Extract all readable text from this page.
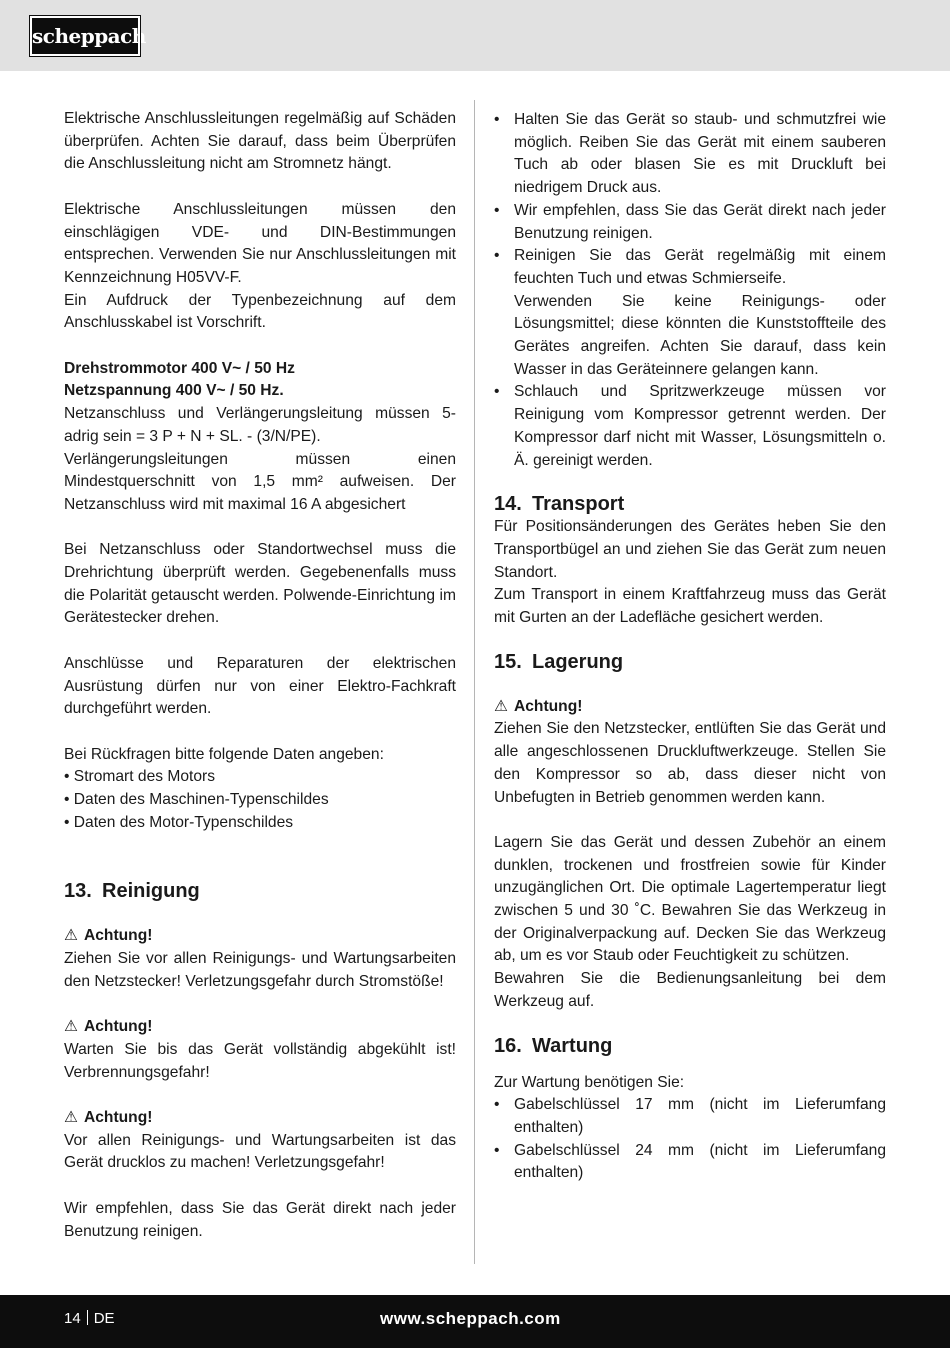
scheppach

Elektrische Anschlussleitungen regelmäßig auf Schäden überprüfen. Achten Sie darauf, dass beim Überprüfen die Anschlussleitung nicht am Stromnetz hängt.

Elektrische Anschlussleitungen müssen den einschlägigen VDE- und DIN-Bestimmungen entsprechen. Verwenden Sie nur Anschlussleitungen mit Kennzeichnung H05VV-F.

Ein Aufdruck der Typenbezeichnung auf dem Anschlusskabel ist Vorschrift.

Drehstrommotor 400 V~ / 50 Hz

Netzspannung 400 V~ / 50 Hz.

Netzanschluss und Verlängerungsleitung müssen 5-adrig sein = 3 P + N + SL. - (3/N/PE).

Verlängerungsleitungen müssen einen Mindestquerschnitt von 1,5 mm² aufweisen. Der Netzanschluss wird mit maximal 16 A abgesichert

Bei Netzanschluss oder Standortwechsel muss die Drehrichtung überprüft werden. Gegebenenfalls muss die Polarität getauscht werden. Polwende-Einrichtung im Gerätestecker drehen.

Anschlüsse und Reparaturen der elektrischen Ausrüstung dürfen nur von einer Elektro-Fachkraft durchgeführt werden.

Bei Rückfragen bitte folgende Daten angeben:

• Stromart des Motors
• Daten des Maschinen-Typenschildes
• Daten des Motor-Typenschildes
13. Reinigung

⚠ Achtung!

Ziehen Sie vor allen Reinigungs- und Wartungsarbeiten den Netzstecker! Verletzungsgefahr durch Stromstöße!

⚠ Achtung!

Warten Sie bis das Gerät vollständig abgekühlt ist! Verbrennungsgefahr!

⚠ Achtung!

Vor allen Reinigungs- und Wartungsarbeiten ist das Gerät drucklos zu machen! Verletzungsgefahr!

Wir empfehlen, dass Sie das Gerät direkt nach jeder Benutzung reinigen.

• Halten Sie das Gerät so staub- und schmutzfrei wie möglich. Reiben Sie das Gerät mit einem sauberen Tuch ab oder blasen Sie es mit Druckluft bei niedrigem Druck aus.
• Wir empfehlen, dass Sie das Gerät direkt nach jeder Benutzung reinigen.
• Reinigen Sie das Gerät regelmäßig mit einem feuchten Tuch und etwas Schmierseife.

Verwenden Sie keine Reinigungs- oder Lösungsmittel; diese könnten die Kunststoffteile des Gerätes angreifen. Achten Sie darauf, dass kein Wasser in das Geräteinnere gelangen kann.

• Schlauch und Spritzwerkzeuge müssen vor Reinigung vom Kompressor getrennt werden. Der Kompressor darf nicht mit Wasser, Lösungsmitteln o. Ä. gereinigt werden.
14. Transport

Für Positionsänderungen des Gerätes heben Sie den Transportbügel an und ziehen Sie das Gerät zum neuen Standort.

Zum Transport in einem Kraftfahrzeug muss das Gerät mit Gurten an der Ladefläche gesichert werden.

15. Lagerung

⚠ Achtung!

Ziehen Sie den Netzstecker, entlüften Sie das Gerät und alle angeschlossenen Druckluftwerkzeuge. Stellen Sie den Kompressor so ab, dass dieser nicht von Unbefugten in Betrieb genommen werden kann.

Lagern Sie das Gerät und dessen Zubehör an einem dunklen, trockenen und frostfreien sowie für Kinder unzugänglichen Ort. Die optimale Lagertemperatur liegt zwischen 5 und 30 ˚C. Bewahren Sie das Werkzeug in der Originalverpackung auf. Decken Sie das Werkzeug ab, um es vor Staub oder Feuchtigkeit zu schützen.

Bewahren Sie die Bedienungsanleitung bei dem Werkzeug auf.

16. Wartung

Zur Wartung benötigen Sie:

• Gabelschlüssel 17 mm (nicht im Lieferumfang enthalten)
• Gabelschlüssel 24 mm (nicht im Lieferumfang enthalten)
14 DE	www.scheppach.com
